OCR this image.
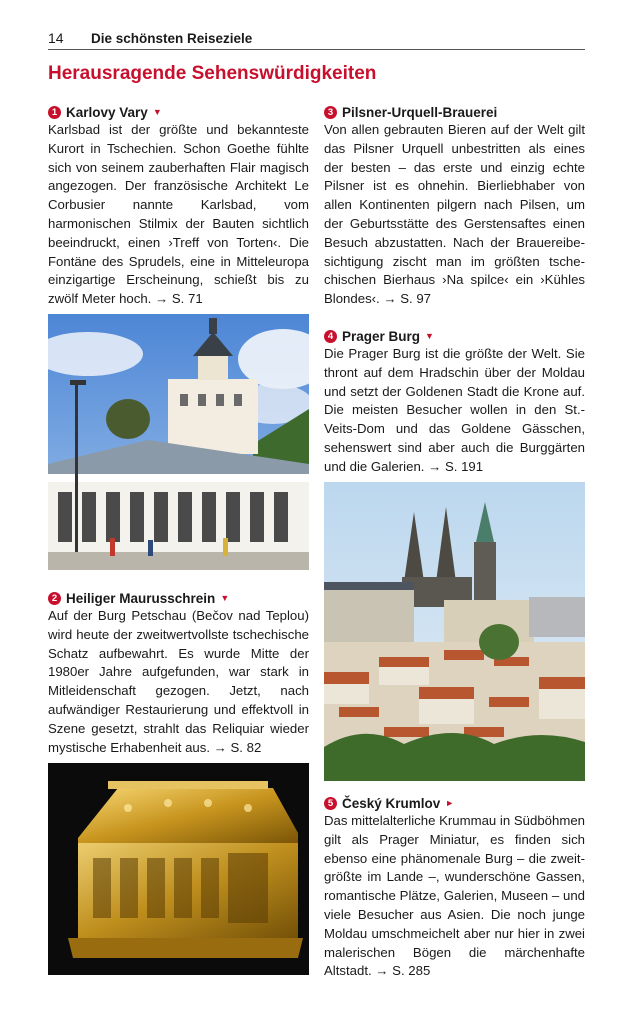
14 Die schönsten Reiseziele
Herausragende Sehenswürdigkeiten
1 Karlovy Vary ▼

Karlsbad ist der größte und bekannteste Kurort in Tschechien. Schon Goethe fühlte sich von seinem zauberhaften Flair magisch angezogen. Der französische Architekt Le Corbusier nannte Karlsbad, vom harmonischen Stilmix der Bauten sichtlich beeindruckt, einen ›Treff von Torten‹. Die Fontäne des Sprudels, eine in Mitteleuropa einzigartige Erscheinung, schießt bis zu zwölf Meter hoch. → S. 71

2 Heiliger Maurusschrein ▼

Auf der Burg Petschau (Bečov nad Teplou) wird heute der zweitwertvollste tschechische Schatz aufbewahrt. Es wurde Mitte der 1980er Jahre aufgefunden, war stark in Mitleidenschaft gezogen. Jetzt, nach aufwändiger Restaurierung und effektvoll in Szene gesetzt, strahlt das Reliquiar wieder mystische Erhabenheit aus. → S. 82

3 Pilsner-Urquell-Brauerei

Von allen gebrauten Bieren auf der Welt gilt das Pilsner Urquell unbestritten als eines der besten – das erste und einzig echte Pilsner ist es ohnehin. Bierliebhaber von allen Kontinenten pilgern nach Pilsen, um der Geburtsstätte des Gerstensaftes einen Besuch abzustatten. Nach der Brauereibesichtigung zischt man im größten tschechischen Bierhaus ›Na spilce‹ ein ›Kühles Blondes‹. → S. 97

4 Prager Burg ▼

Die Prager Burg ist die größte der Welt. Sie thront auf dem Hradschin über der Moldau und setzt der Goldenen Stadt die Krone auf. Die meisten Besucher wollen in den St.-Veits-Dom und das Goldene Gässchen, sehenswert sind aber auch die Burggärten und die Galerien. → S. 191

5 Český Krumlov ►

Das mittelalterliche Krummau in Südböhmen gilt als Prager Miniatur, es finden sich ebenso eine phänomenale Burg – die zweitgrößte im Lande –, wunderschöne Gassen, romantische Plätze, Galerien, Museen – und viele Besucher aus Asien. Die noch junge Moldau umschmeichelt aber nur hier in zwei malerischen Bögen die märchenhafte Altstadt. → S. 285
